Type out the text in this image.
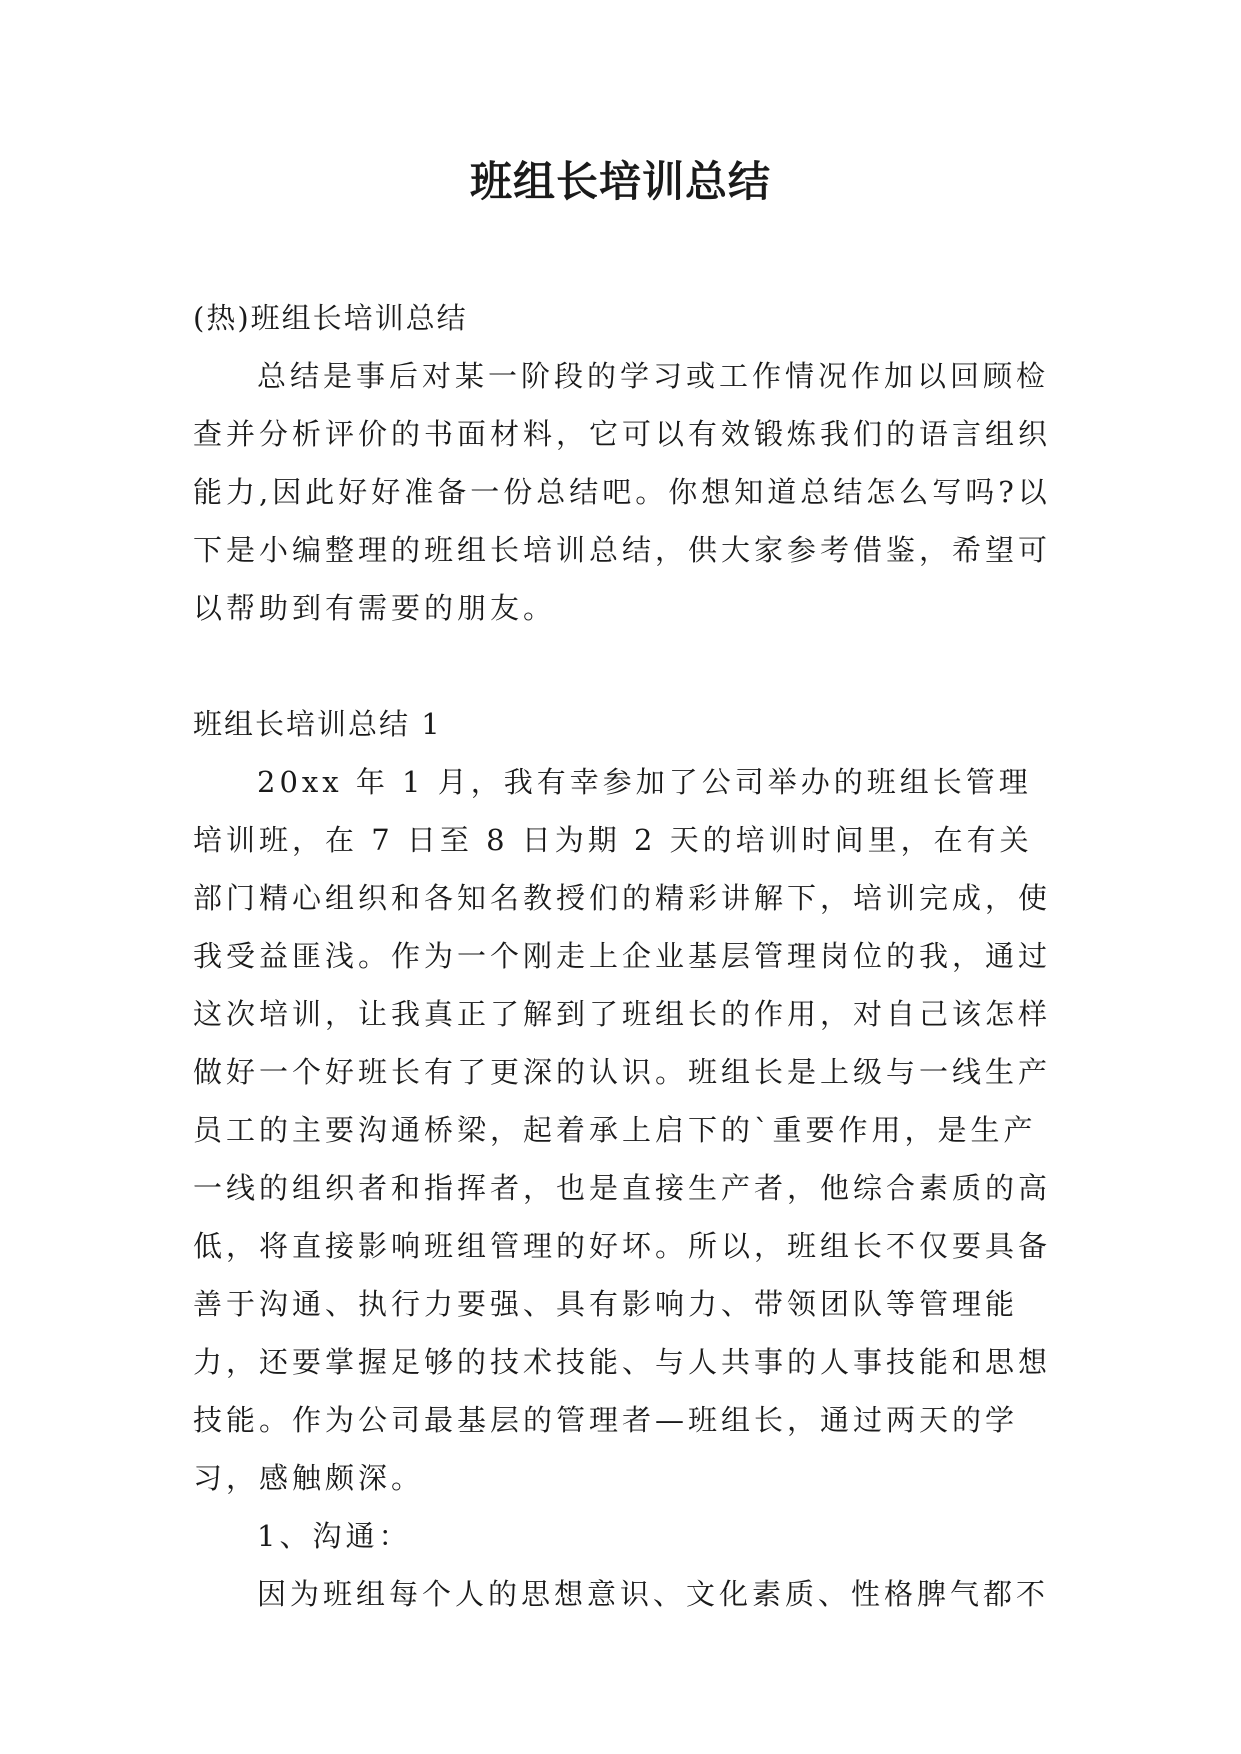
班组长培训总结

(热)班组长培训总结

总结是事后对某一阶段的学习或工作情况作加以回顾检查并分析评价的书面材料，它可以有效锻炼我们的语言组织能力,因此好好准备一份总结吧。你想知道总结怎么写吗?以下是小编整理的班组长培训总结，供大家参考借鉴，希望可以帮助到有需要的朋友。

班组长培训总结 1

20xx 年 1 月，我有幸参加了公司举办的班组长管理培训班，在 7 日至 8 日为期 2 天的培训时间里，在有关部门精心组织和各知名教授们的精彩讲解下，培训完成，使我受益匪浅。作为一个刚走上企业基层管理岗位的我，通过这次培训，让我真正了解到了班组长的作用，对自己该怎样做好一个好班长有了更深的认识。班组长是上级与一线生产员工的主要沟通桥梁，起着承上启下的`重要作用，是生产一线的组织者和指挥者，也是直接生产者，他综合素质的高低，将直接影响班组管理的好坏。所以，班组长不仅要具备善于沟通、执行力要强、具有影响力、带领团队等管理能力，还要掌握足够的技术技能、与人共事的人事技能和思想技能。作为公司最基层的管理者—班组长，通过两天的学习，感触颇深。

1、沟通：

因为班组每个人的思想意识、文化素质、性格脾气都不
